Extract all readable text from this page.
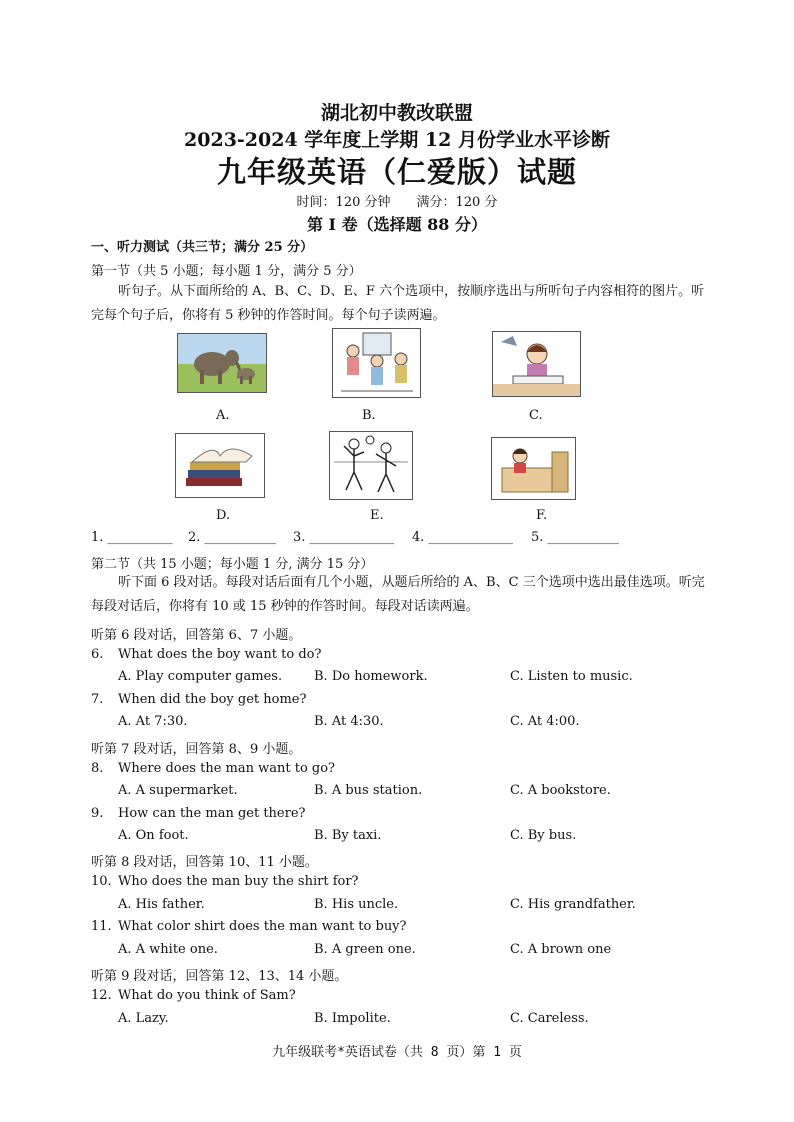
湖北初中教改联盟
2023-2024 学年度上学期 12 月份学业水平诊断
九年级英语（仁爱版）试题
时间：120 分钟　　满分：120 分
第 I 卷（选择题 88 分）
一、听力测试（共三节；满分 25 分）
第一节（共 5 小题；每小题 1 分，满分 5 分）
听句子。从下面所给的 A、B、C、D、E、F 六个选项中，按顺序选出与所听句子内容相符的图片。听完每个句子后，你将有 5 秒钟的作答时间。每个句子读两遍。
A.	B.	C.
D.	E.	F.
1. __________ 2. ___________ 3. _____________ 4. _____________ 5. ___________
第二节（共 15 小题；每小题 1 分, 满分 15 分）
听下面 6 段对话。每段对话后面有几个小题，从题后所给的 A、B、C 三个选项中选出最佳选项。听完每段对话后，你将有 10 或 15 秒钟的作答时间。每段对话读两遍。
听第 6 段对话，回答第 6、7 小题。
6. What does the boy want to do?
A. Play computer games. B. Do homework.	C. Listen to music.
7. When did the boy get home?
A. At 7:30.	B. At 4:30.	C. At 4:00.
听第 7 段对话，回答第 8、9 小题。
8. Where does the man want to go?
A. A supermarket.	B. A bus station.	C. A bookstore.
9. How can the man get there?
A. On foot.	B. By taxi.	C. By bus.
听第 8 段对话，回答第 10、11 小题。
10. Who does the man buy the shirt for?
A. His father.	B. His uncle.	C. His grandfather.
11. What color shirt does the man want to buy?
A. A white one.	B. A green one.	C. A brown one
听第 9 段对话，回答第 12、13、14 小题。
12. What do you think of Sam?
A. Lazy.	B. Impolite.	C. Careless.
九年级联考*英语试卷（共 8 页）第 1 页
